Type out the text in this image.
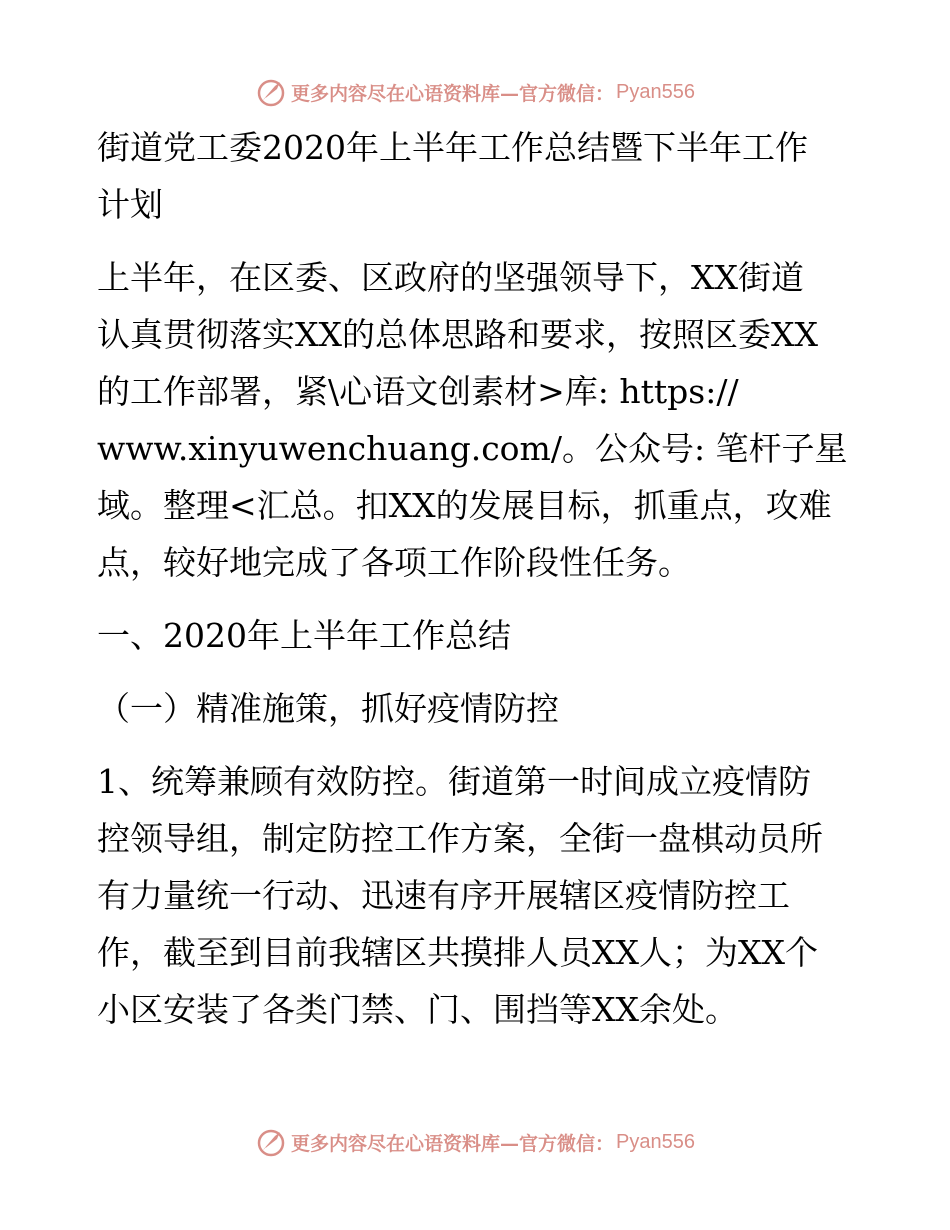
更多内容尽在心语资料库—官方微信： Pyan556
街道党工委2020年上半年工作总结暨下半年工作
计划
上半年，在区委、区政府的坚强领导下，XX街道
认真贯彻落实XX的总体思路和要求，按照区委XX
的工作部署，紧\心语文创素材>库: https://
www.xinyuwenchuang.com/。公众号: 笔杆子星
域。整理<汇总。扣XX的发展目标，抓重点，攻难
点，较好地完成了各项工作阶段性任务。
一、2020年上半年工作总结
（一）精准施策，抓好疫情防控
1、统筹兼顾有效防控。街道第一时间成立疫情防
控领导组，制定防控工作方案，全街一盘棋动员所
有力量统一行动、迅速有序开展辖区疫情防控工
作，截至到目前我辖区共摸排人员XX人；为XX个
小区安装了各类门禁、门、围挡等XX余处。
更多内容尽在心语资料库—官方微信： Pyan556
